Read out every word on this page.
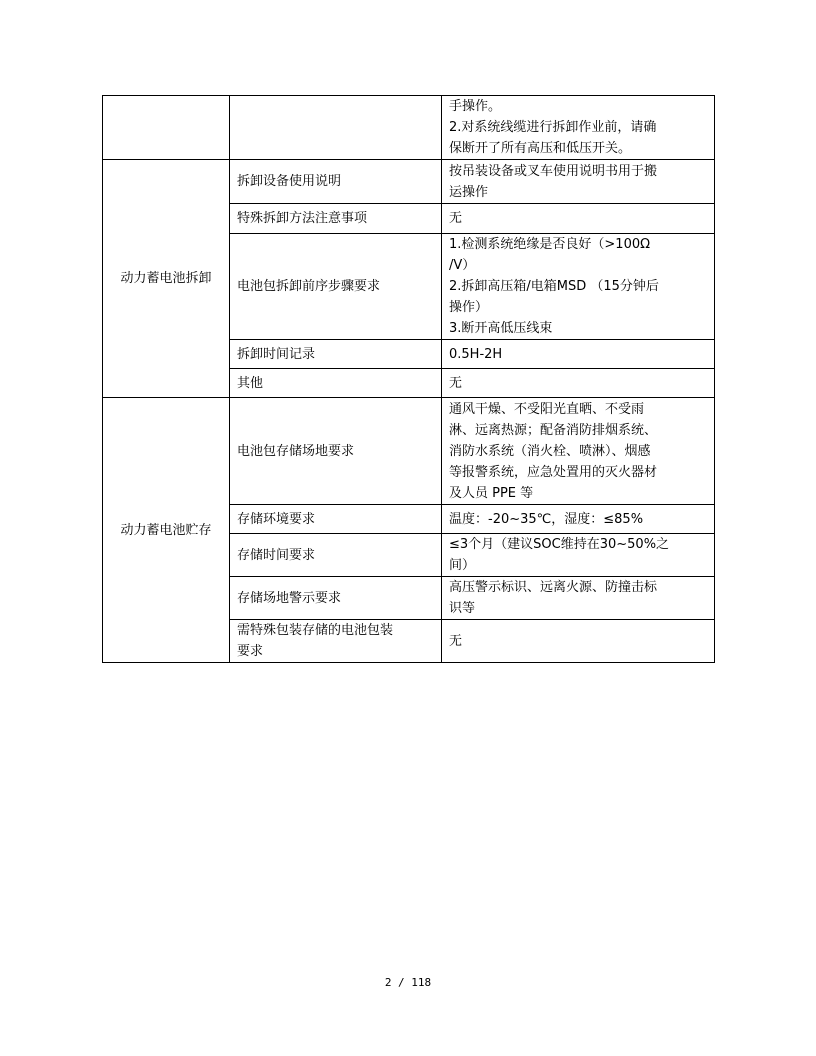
		手操作。
2.对系统线缆进行拆卸作业前，请确
保断开了所有高压和低压开关。

动力蓄电池拆卸	拆卸设备使用说明	按吊装设备或叉车使用说明书用于搬
运操作

	特殊拆卸方法注意事项	无
	电池包拆卸前序步骤要求	1.检测系统绝缘是否良好（>100Ω
/V）
2.拆卸高压箱/电箱MSD （15分钟后
操作）
3.断开高低压线束

	拆卸时间记录	0.5H-2H
	其他	无
动力蓄电池贮存	电池包存储场地要求	通风干燥、不受阳光直晒、不受雨
淋、远离热源；配备消防排烟系统、
消防水系统（消火栓、喷淋）、烟感
等报警系统，应急处置用的灭火器材
及人员 PPE 等

	存储环境要求	温度：-20~35℃，湿度：≤85%
	存储时间要求	≤3个月（建议SOC维持在30~50%之
间）

	存储场地警示要求	高压警示标识、远离火源、防撞击标
识等

	需特殊包装存储的电池包装
要求	无
2 / 118
